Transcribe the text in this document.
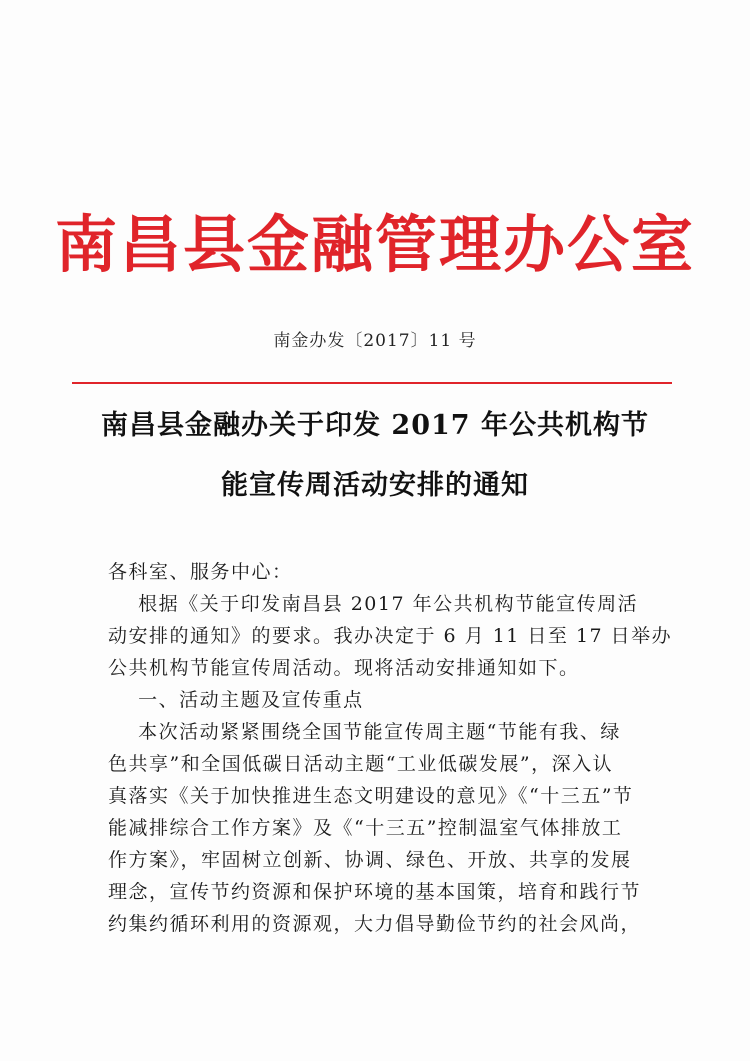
南昌县金融管理办公室
南金办发〔2017〕11 号
南昌县金融办关于印发 2017 年公共机构节
能宣传周活动安排的通知
各科室、服务中心：
根据《关于印发南昌县 2017 年公共机构节能宣传周活
动安排的通知》的要求。我办决定于 6 月 11 日至 17 日举办
公共机构节能宣传周活动。现将活动安排通知如下。
一、活动主题及宣传重点
本次活动紧紧围绕全国节能宣传周主题“节能有我、绿
色共享”和全国低碳日活动主题“工业低碳发展”，深入认
真落实《关于加快推进生态文明建设的意见》《“十三五”节
能减排综合工作方案》及《“十三五”控制温室气体排放工
作方案》，牢固树立创新、协调、绿色、开放、共享的发展
理念，宣传节约资源和保护环境的基本国策，培育和践行节
约集约循环利用的资源观，大力倡导勤俭节约的社会风尚，
